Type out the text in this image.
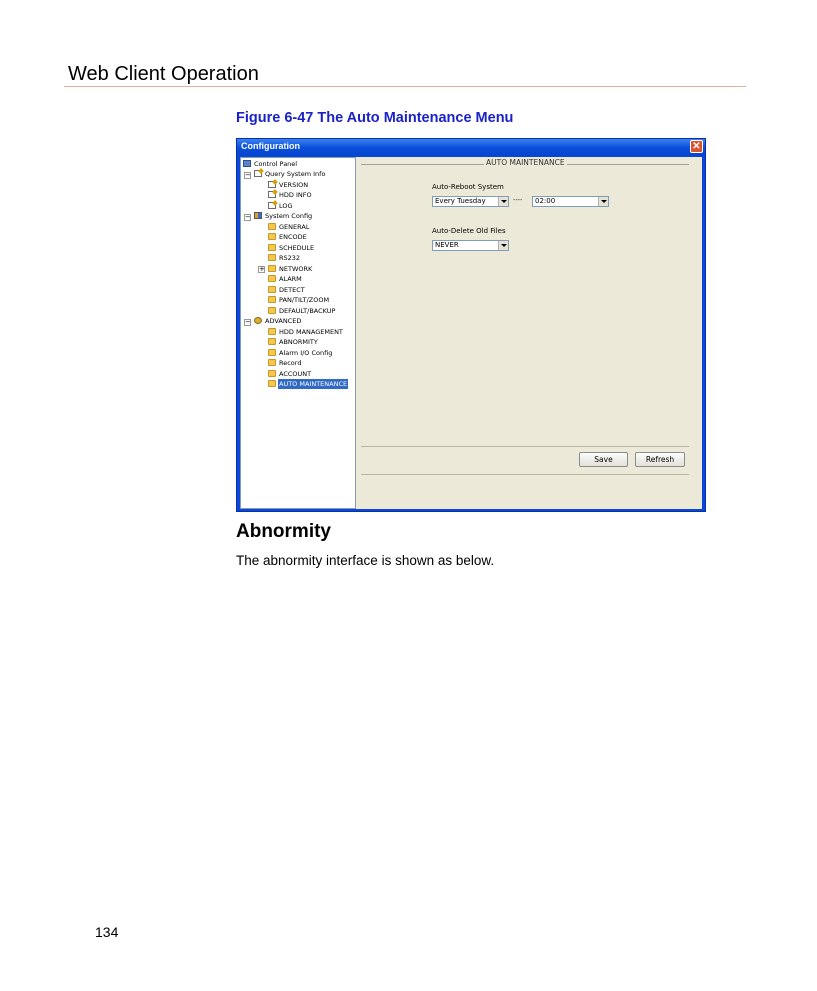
Web Client Operation
Figure 6-47 The Auto Maintenance Menu
Configuration	✕
Control Panel
−	Query System Info
VERSION
HDD INFO
LOG
−	System Config
GENERAL
ENCODE
SCHEDULE
RS232
+	NETWORK
ALARM
DETECT
PAN/TILT/ZOOM
DEFAULT/BACKUP
−	ADVANCED
HDD MANAGEMENT
ABNORMITY
Alarm I/O Config
Record
ACCOUNT
AUTO MAINTENANCE
AUTO MAINTENANCE
Auto-Reboot System
Every Tuesday	----	02:00
Auto-Delete Old Files
NEVER
Save	Refresh
Abnormity
The abnormity interface is shown as below.
134
